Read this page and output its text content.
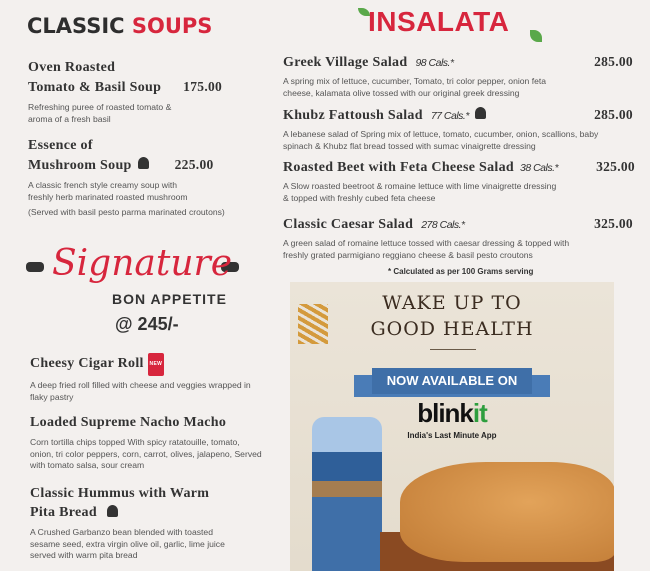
CLASSIC SOUPS
Oven Roasted
Tomato & Basil Soup 175.00
Refreshing puree of roasted tomato & aroma of a fresh basil
Essence of
Mushroom Soup	225.00
A classic french style creamy soup with freshly herb marinated roasted mushroom
(Served with basil pesto parma marinated croutons)
Signature
BON APPETITE
@ 245/-
Cheesy Cigar Roll NEW
A deep fried roll filled with cheese and veggies wrapped in flaky pastry
Loaded Supreme Nacho Macho
Corn tortilla chips topped With spicy ratatouille, tomato, onion, tri color peppers, corn, carrot, olives, jalapeno, Served with tomato salsa, sour cream
Classic Hummus with Warm
Pita Bread
A Crushed Garbanzo bean blended with toasted sesame seed, extra virgin olive oil, garlic, lime juice served with warm pita bread
INSALATA
Greek Village Salad 98 Cals.*	285.00
A spring mix of lettuce, cucumber, Tomato, tri color pepper, onion feta cheese, kalamata olive tossed with our original greek dressing
Khubz Fattoush Salad 77 Cals.*	285.00
A lebanese salad of Spring mix of lettuce, tomato, cucumber, onion, scallions, baby spinach & Khubz flat bread tossed with sumac vinaigrette dressing
Roasted Beet with Feta Cheese Salad 38 Cals.*	325.00
A Slow roasted beetroot & romaine lettuce with lime vinaigrette dressing & topped with freshly cubed feta cheese
Classic Caesar Salad 278 Cals.*	325.00
A green salad of romaine lettuce tossed with caesar dressing & topped with freshly grated parmigiano reggiano cheese & basil pesto croutons
* Calculated as per 100 Grams serving
WAKE UP TO
GOOD HEALTH
NOW AVAILABLE ON
blinkit
India's Last Minute App
